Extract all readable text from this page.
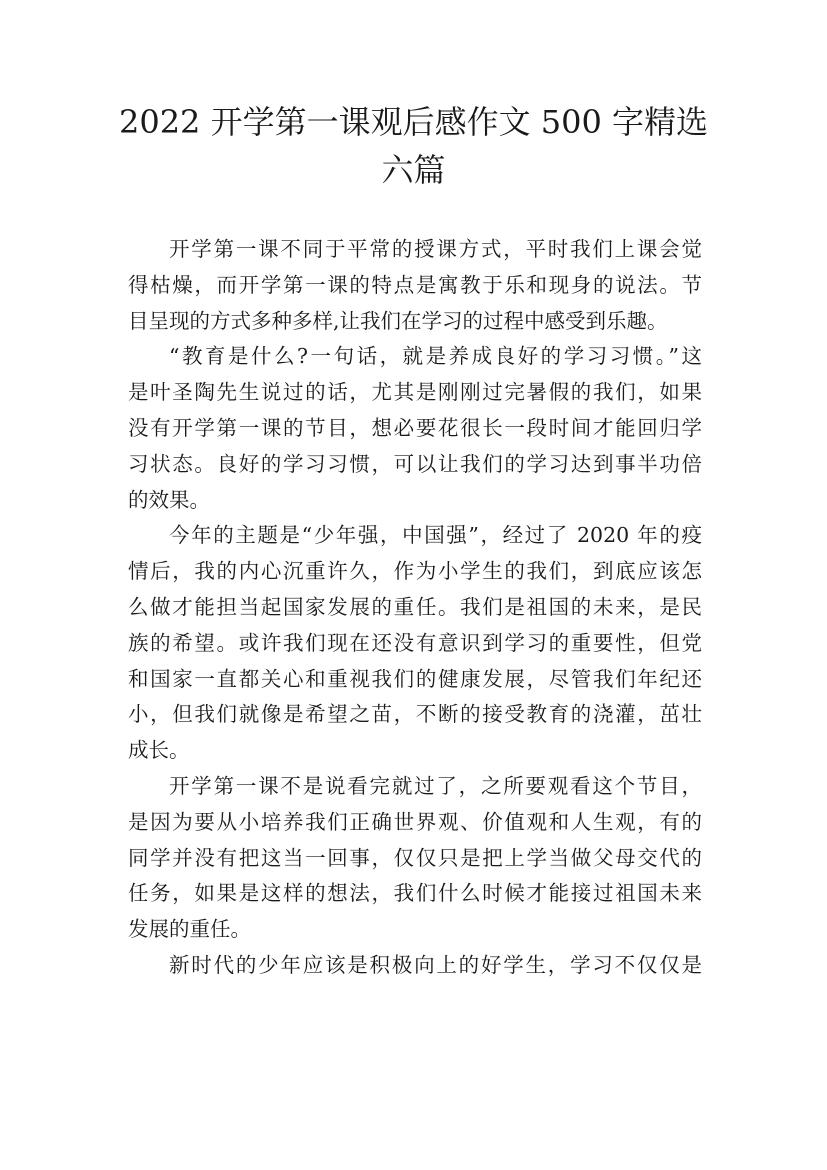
2022 开学第一课观后感作文 500 字精选六篇
开学第一课不同于平常的授课方式，平时我们上课会觉
得枯燥，而开学第一课的特点是寓教于乐和现身的说法。节
目呈现的方式多种多样,让我们在学习的过程中感受到乐趣。
“教育是什么?一句话，就是养成良好的学习习惯。”这
是叶圣陶先生说过的话，尤其是刚刚过完暑假的我们，如果
没有开学第一课的节目，想必要花很长一段时间才能回归学
习状态。良好的学习习惯，可以让我们的学习达到事半功倍
的效果。
今年的主题是“少年强，中国强”，经过了 2020 年的疫
情后，我的内心沉重许久，作为小学生的我们，到底应该怎
么做才能担当起国家发展的重任。我们是祖国的未来，是民
族的希望。或许我们现在还没有意识到学习的重要性，但党
和国家一直都关心和重视我们的健康发展，尽管我们年纪还
小，但我们就像是希望之苗，不断的接受教育的浇灌，茁壮
成长。
开学第一课不是说看完就过了，之所要观看这个节目，
是因为要从小培养我们正确世界观、价值观和人生观，有的
同学并没有把这当一回事，仅仅只是把上学当做父母交代的
任务，如果是这样的想法，我们什么时候才能接过祖国未来
发展的重任。
新时代的少年应该是积极向上的好学生，学习不仅仅是
